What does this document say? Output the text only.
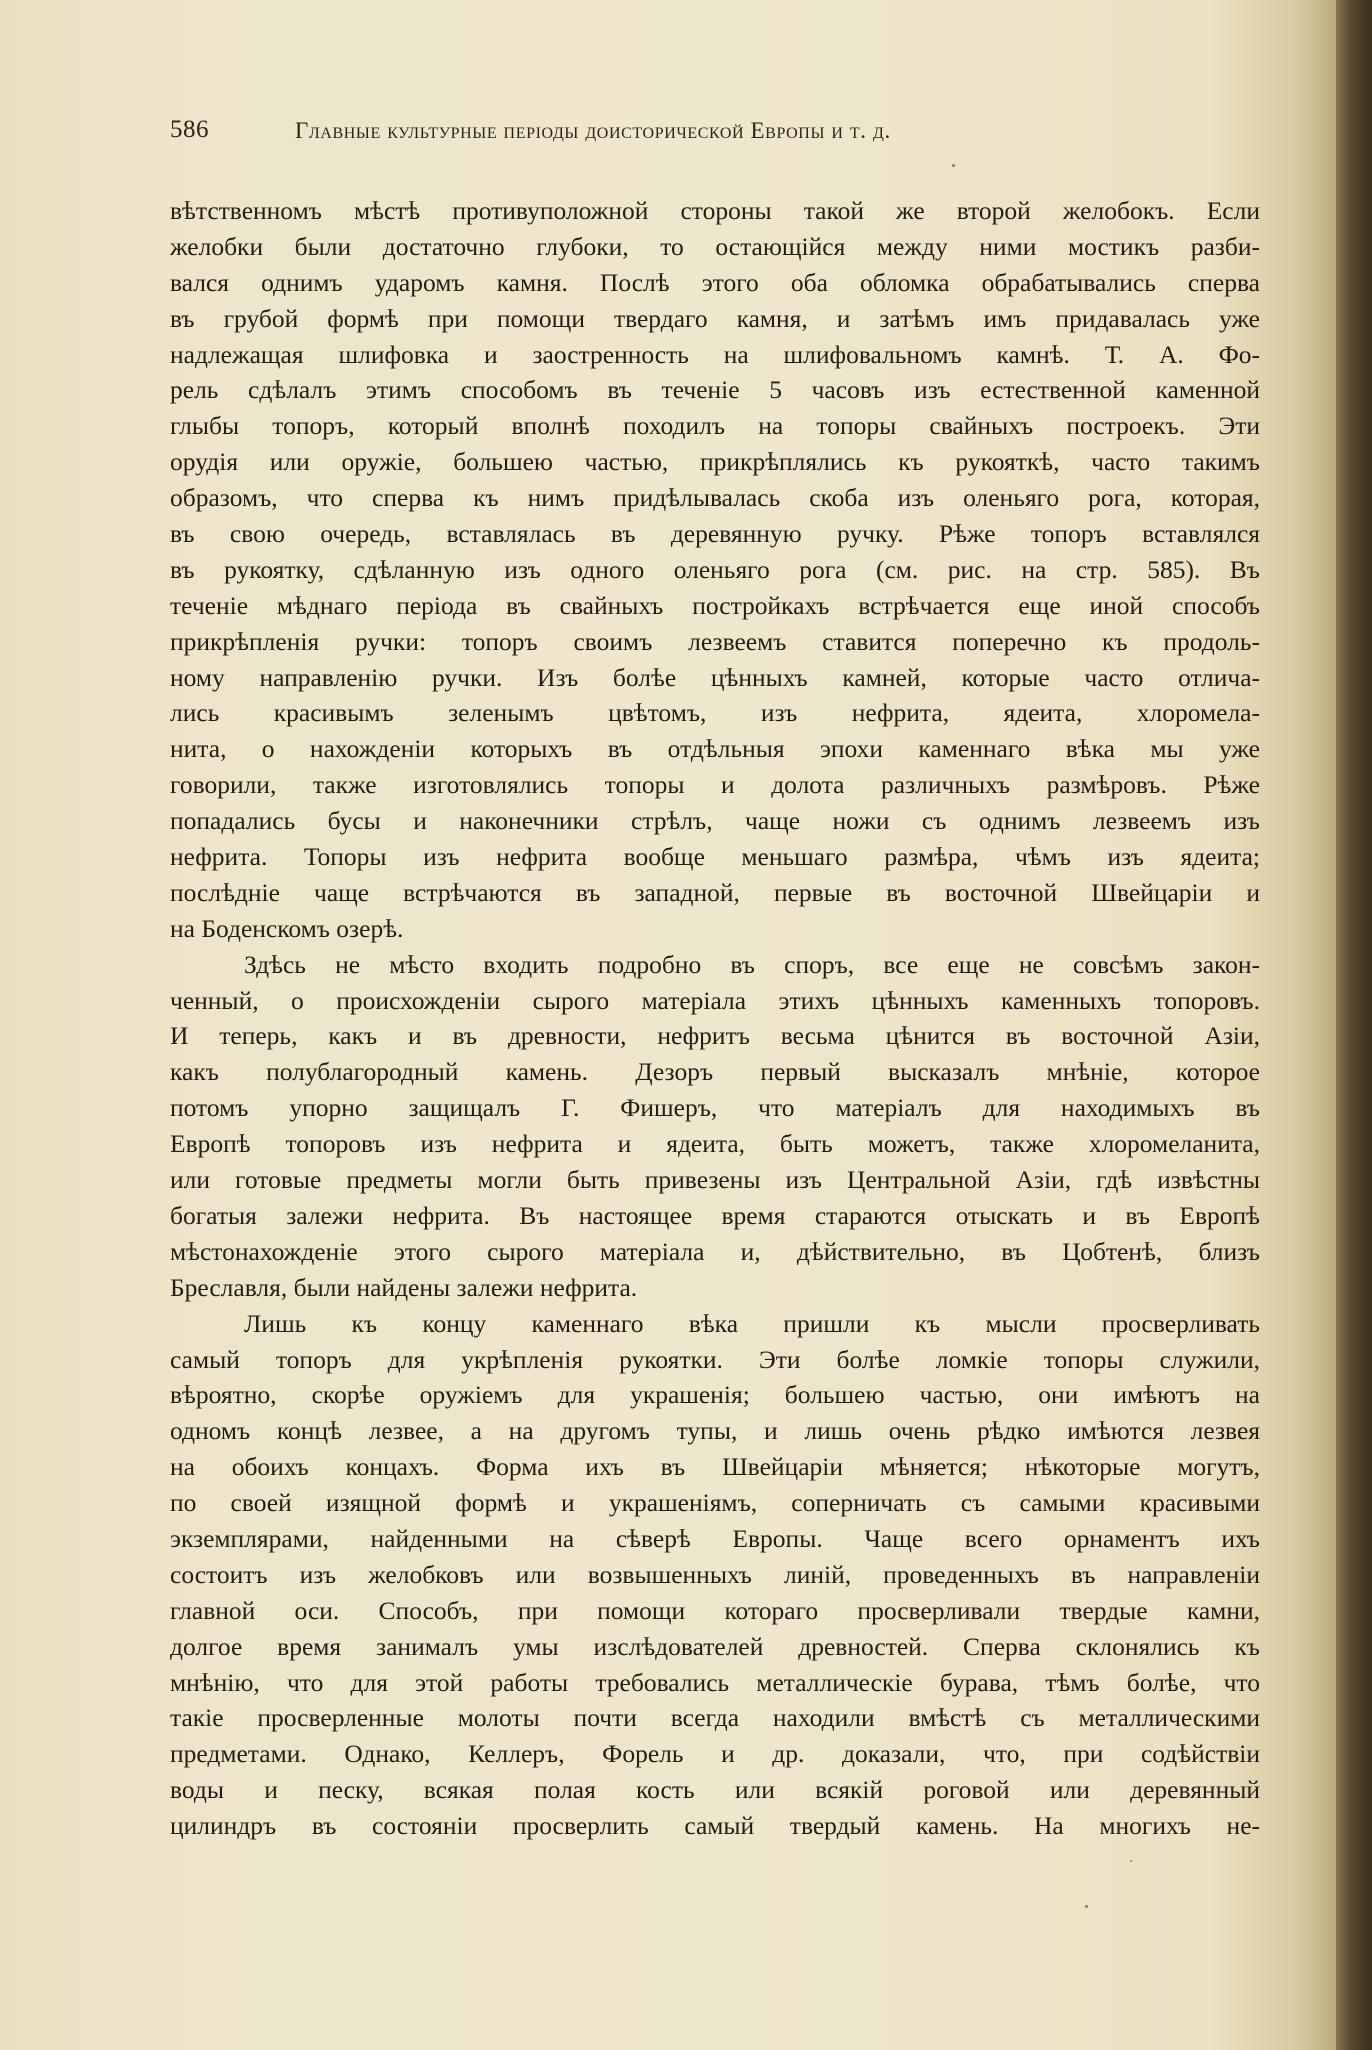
586	Главные культурные періоды доисторической Европы и т. д.
вѣтственномъ мѣстѣ противуположной стороны такой же второй желобокъ. Если
желобки были достаточно глубоки, то остающійся между ними мостикъ разби-
вался однимъ ударомъ камня. Послѣ этого оба обломка обрабатывались сперва
въ грубой формѣ при помощи твердаго камня, и затѣмъ имъ придавалась уже
надлежащая шлифовка и заостренность на шлифовальномъ камнѣ. Т. А. Фо-
рель сдѣлалъ этимъ способомъ въ теченіе 5 часовъ изъ естественной каменной
глыбы топоръ, который вполнѣ походилъ на топоры свайныхъ построекъ. Эти
орудія или оружіе, большею частью, прикрѣплялись къ рукояткѣ, часто такимъ
образомъ, что сперва къ нимъ придѣлывалась скоба изъ оленьяго рога, которая,
въ свою очередь, вставлялась въ деревянную ручку. Рѣже топоръ вставлялся
въ рукоятку, сдѣланную изъ одного оленьяго рога (см. рис. на стр. 585). Въ
теченіе мѣднаго періода въ свайныхъ постройкахъ встрѣчается еще иной способъ
прикрѣпленія ручки: топоръ своимъ лезвеемъ ставится поперечно къ продоль-
ному направленію ручки. Изъ болѣе цѣнныхъ камней, которые часто отлича-
лись красивымъ зеленымъ цвѣтомъ, изъ нефрита, ядеита, хлоромела-
нита, о нахожденіи которыхъ въ отдѣльныя эпохи каменнаго вѣка мы уже
говорили, также изготовлялись топоры и долота различныхъ размѣровъ. Рѣже
попадались бусы и наконечники стрѣлъ, чаще ножи съ однимъ лезвеемъ изъ
нефрита. Топоры изъ нефрита вообще меньшаго размѣра, чѣмъ изъ ядеита;
послѣдніе чаще встрѣчаются въ западной, первые въ восточной Швейцаріи и
на Боденскомъ озерѣ.
Здѣсь не мѣсто входить подробно въ споръ, все еще не совсѣмъ закон-
ченный, о происхожденіи сырого матеріала этихъ цѣнныхъ каменныхъ топоровъ.
И теперь, какъ и въ древности, нефритъ весьма цѣнится въ восточной Азіи,
какъ полублагородный камень. Дезоръ первый высказалъ мнѣніе, которое
потомъ упорно защищалъ Г. Фишеръ, что матеріалъ для находимыхъ въ
Европѣ топоровъ изъ нефрита и ядеита, быть можетъ, также хлоромеланита,
или готовые предметы могли быть привезены изъ Центральной Азіи, гдѣ извѣстны
богатыя залежи нефрита. Въ настоящее время стараются отыскать и въ Европѣ
мѣстонахожденіе этого сырого матеріала и, дѣйствительно, въ Цобтенѣ, близъ
Бреславля, были найдены залежи нефрита.
Лишь къ концу каменнаго вѣка пришли къ мысли просверливать
самый топоръ для укрѣпленія рукоятки. Эти болѣе ломкіе топоры служили,
вѣроятно, скорѣе оружіемъ для украшенія; большею частью, они имѣютъ на
одномъ концѣ лезвее, а на другомъ тупы, и лишь очень рѣдко имѣются лезвея
на обоихъ концахъ. Форма ихъ въ Швейцаріи мѣняется; нѣкоторые могутъ,
по своей изящной формѣ и украшеніямъ, соперничать съ самыми красивыми
экземплярами, найденными на сѣверѣ Европы. Чаще всего орнаментъ ихъ
состоитъ изъ желобковъ или возвышенныхъ линій, проведенныхъ въ направленіи
главной оси. Способъ, при помощи котораго просверливали твердые камни,
долгое время занималъ умы изслѣдователей древностей. Сперва склонялись къ
мнѣнію, что для этой работы требовались металлическіе бурава, тѣмъ болѣе, что
такіе просверленные молоты почти всегда находили вмѣстѣ съ металлическими
предметами. Однако, Келлеръ, Форель и др. доказали, что, при содѣйствіи
воды и песку, всякая полая кость или всякій роговой или деревянный
цилиндръ въ состояніи просверлить самый твердый камень. На многихъ не-
